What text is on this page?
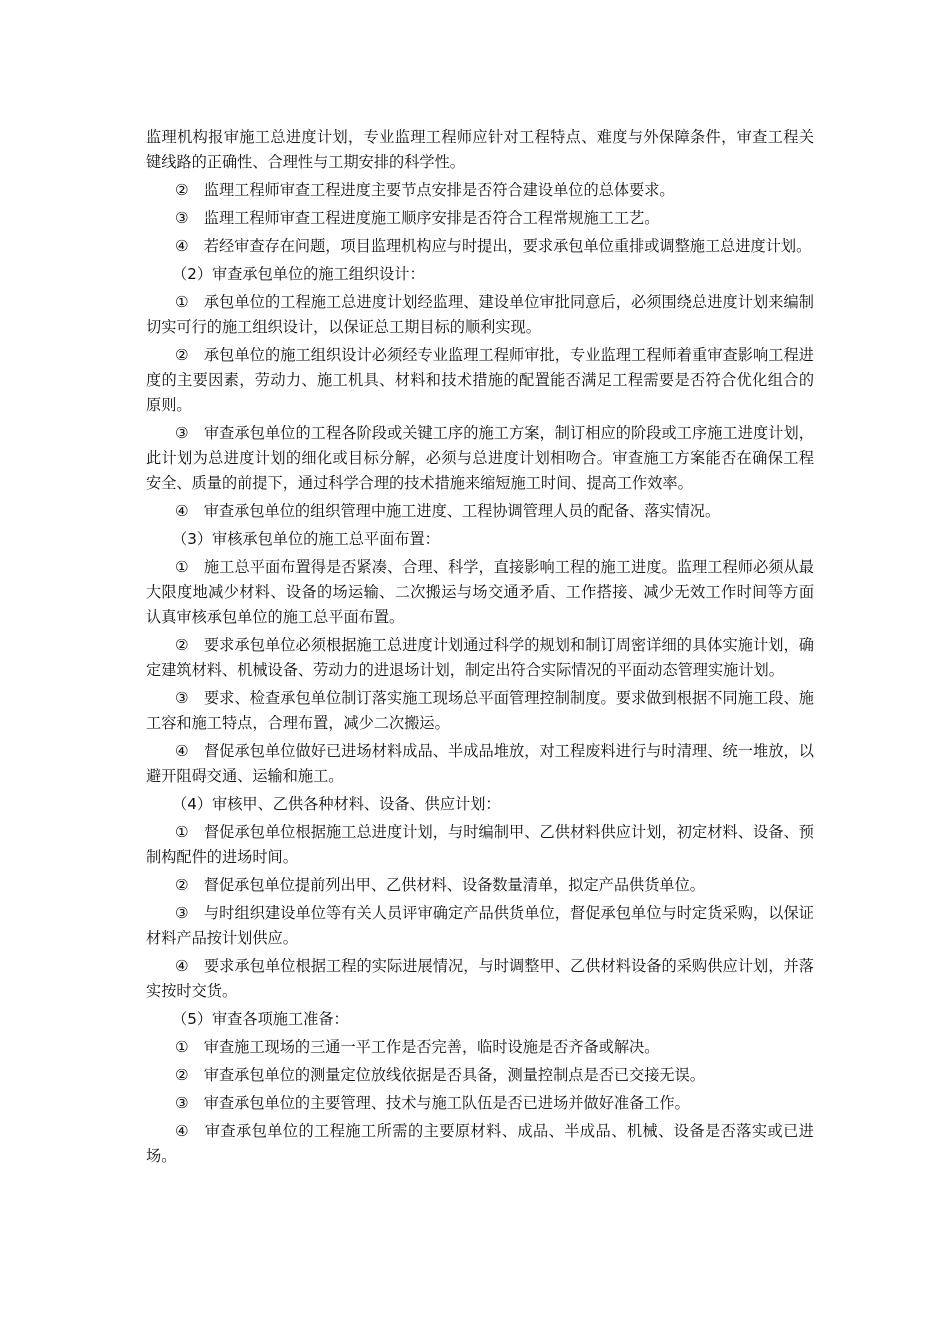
监理机构报审施工总进度计划，专业监理工程师应针对工程特点、难度与外保障条件，审查工程关键线路的正确性、合理性与工期安排的科学性。

②　监理工程师审查工程进度主要节点安排是否符合建设单位的总体要求。

③　监理工程师审查工程进度施工顺序安排是否符合工程常规施工工艺。

④　若经审查存在问题，项目监理机构应与时提出，要求承包单位重排或调整施工总进度计划。

（2）审查承包单位的施工组织设计：

①　承包单位的工程施工总进度计划经监理、建设单位审批同意后，必须围绕总进度计划来编制切实可行的施工组织设计，以保证总工期目标的顺利实现。

②　承包单位的施工组织设计必须经专业监理工程师审批，专业监理工程师着重审查影响工程进度的主要因素，劳动力、施工机具、材料和技术措施的配置能否满足工程需要是否符合优化组合的原则。

③　审查承包单位的工程各阶段或关键工序的施工方案，制订相应的阶段或工序施工进度计划，此计划为总进度计划的细化或目标分解，必须与总进度计划相吻合。审查施工方案能否在确保工程安全、质量的前提下，通过科学合理的技术措施来缩短施工时间、提高工作效率。

④　审查承包单位的组织管理中施工进度、工程协调管理人员的配备、落实情况。

（3）审核承包单位的施工总平面布置：

①　施工总平面布置得是否紧凑、合理、科学，直接影响工程的施工进度。监理工程师必须从最大限度地减少材料、设备的场运输、二次搬运与场交通矛盾、工作搭接、减少无效工作时间等方面认真审核承包单位的施工总平面布置。

②　要求承包单位必须根据施工总进度计划通过科学的规划和制订周密详细的具体实施计划，确定建筑材料、机械设备、劳动力的进退场计划，制定出符合实际情况的平面动态管理实施计划。

③　要求、检查承包单位制订落实施工现场总平面管理控制制度。要求做到根据不同施工段、施工容和施工特点，合理布置，减少二次搬运。

④　督促承包单位做好已进场材料成品、半成品堆放，对工程废料进行与时清理、统一堆放，以避开阻碍交通、运输和施工。

（4）审核甲、乙供各种材料、设备、供应计划：

①　督促承包单位根据施工总进度计划，与时编制甲、乙供材料供应计划，初定材料、设备、预制构配件的进场时间。

②　督促承包单位提前列出甲、乙供材料、设备数量清单，拟定产品供货单位。

③　与时组织建设单位等有关人员评审确定产品供货单位，督促承包单位与时定货采购，以保证材料产品按计划供应。

④　要求承包单位根据工程的实际进展情况，与时调整甲、乙供材料设备的采购供应计划，并落实按时交货。

（5）审查各项施工准备：

①　审查施工现场的三通一平工作是否完善，临时设施是否齐备或解决。

②　审查承包单位的测量定位放线依据是否具备，测量控制点是否已交接无误。

③　审查承包单位的主要管理、技术与施工队伍是否已进场并做好准备工作。

④　审查承包单位的工程施工所需的主要原材料、成品、半成品、机械、设备是否落实或已进场。
